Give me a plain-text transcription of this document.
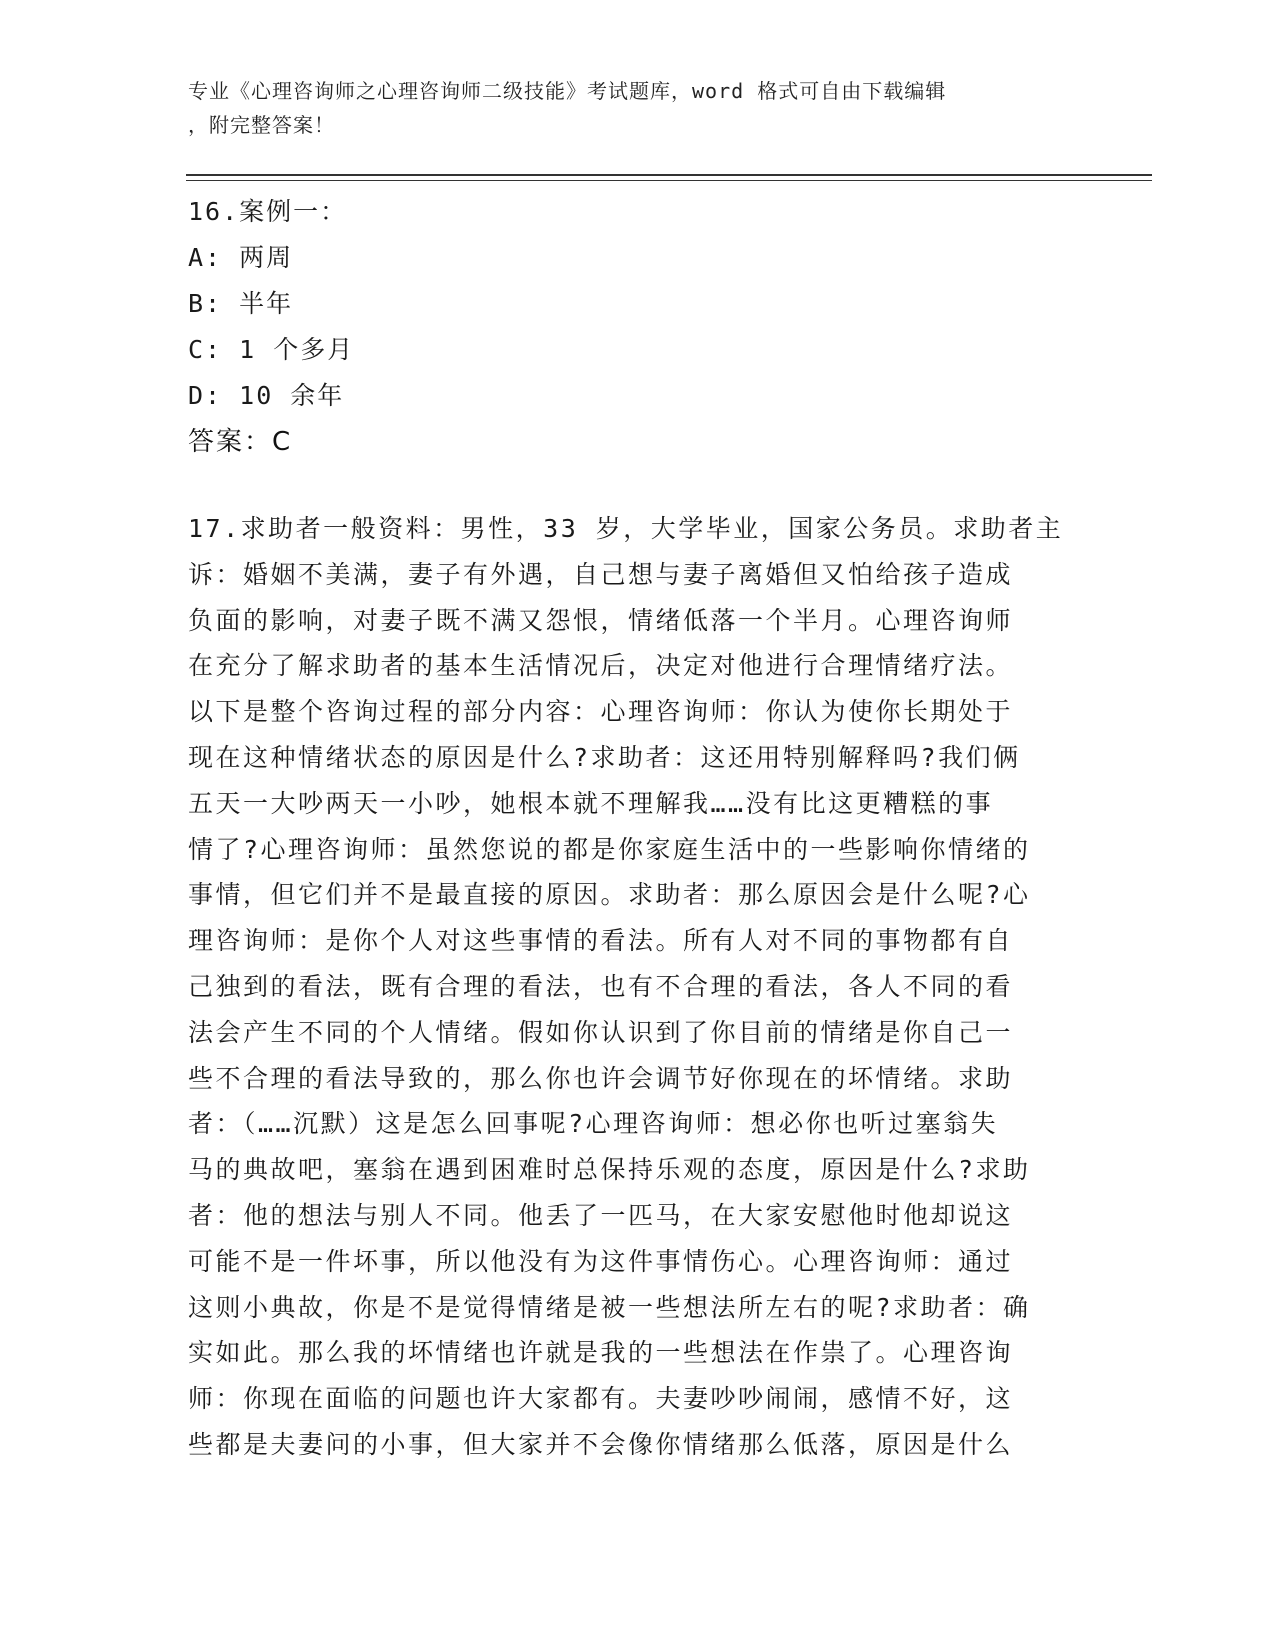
专业《心理咨询师之心理咨询师二级技能》考试题库，word 格式可自由下载编辑
，附完整答案！
16.案例一：
A: 两周
B: 半年
C: 1 个多月
D: 10 余年
答案：C
17.求助者一般资料：男性，33 岁，大学毕业，国家公务员。求助者主
诉：婚姻不美满，妻子有外遇，自己想与妻子离婚但又怕给孩子造成
负面的影响，对妻子既不满又怨恨，情绪低落一个半月。心理咨询师
在充分了解求助者的基本生活情况后，决定对他进行合理情绪疗法。
以下是整个咨询过程的部分内容：心理咨询师：你认为使你长期处于
现在这种情绪状态的原因是什么?求助者：这还用特别解释吗?我们俩
五天一大吵两天一小吵，她根本就不理解我……没有比这更糟糕的事
情了?心理咨询师：虽然您说的都是你家庭生活中的一些影响你情绪的
事情，但它们并不是最直接的原因。求助者：那么原因会是什么呢?心
理咨询师：是你个人对这些事情的看法。所有人对不同的事物都有自
己独到的看法，既有合理的看法，也有不合理的看法，各人不同的看
法会产生不同的个人情绪。假如你认识到了你目前的情绪是你自己一
些不合理的看法导致的，那么你也许会调节好你现在的坏情绪。求助
者：（……沉默）这是怎么回事呢?心理咨询师：想必你也听过塞翁失
马的典故吧，塞翁在遇到困难时总保持乐观的态度，原因是什么?求助
者：他的想法与别人不同。他丢了一匹马，在大家安慰他时他却说这
可能不是一件坏事，所以他没有为这件事情伤心。心理咨询师：通过
这则小典故，你是不是觉得情绪是被一些想法所左右的呢?求助者：确
实如此。那么我的坏情绪也许就是我的一些想法在作祟了。心理咨询
师：你现在面临的问题也许大家都有。夫妻吵吵闹闹，感情不好，这
些都是夫妻问的小事，但大家并不会像你情绪那么低落，原因是什么
